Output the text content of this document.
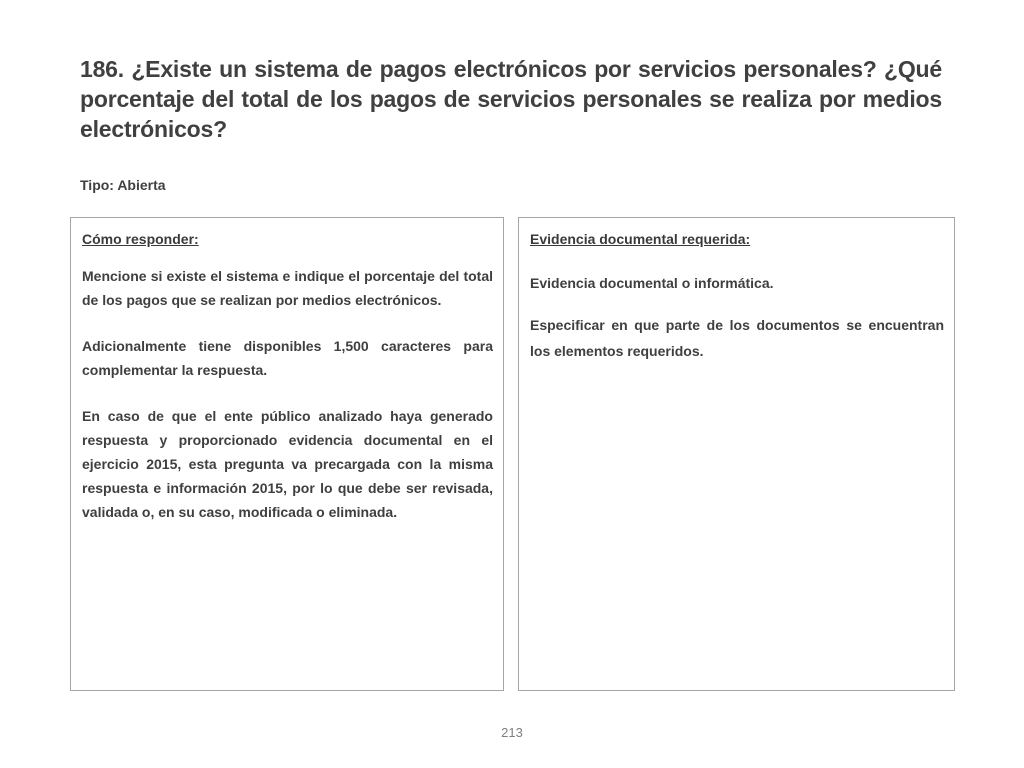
186. ¿Existe un sistema de pagos electrónicos por servicios personales? ¿Qué porcentaje del total de los pagos de servicios personales se realiza por medios electrónicos?
Tipo: Abierta
Cómo responder:

Mencione si existe el sistema e indique el porcentaje del total de los pagos que se realizan por medios electrónicos.

Adicionalmente tiene disponibles 1,500 caracteres para complementar la respuesta.

En caso de que el ente público analizado haya generado respuesta y proporcionado evidencia documental en el ejercicio 2015, esta pregunta va precargada con la misma respuesta e información 2015, por lo que debe ser revisada, validada o, en su caso, modificada o eliminada.

Evidencia documental requerida:

Evidencia documental o informática.

Especificar en que parte de los documentos se encuentran los elementos requeridos.

213
